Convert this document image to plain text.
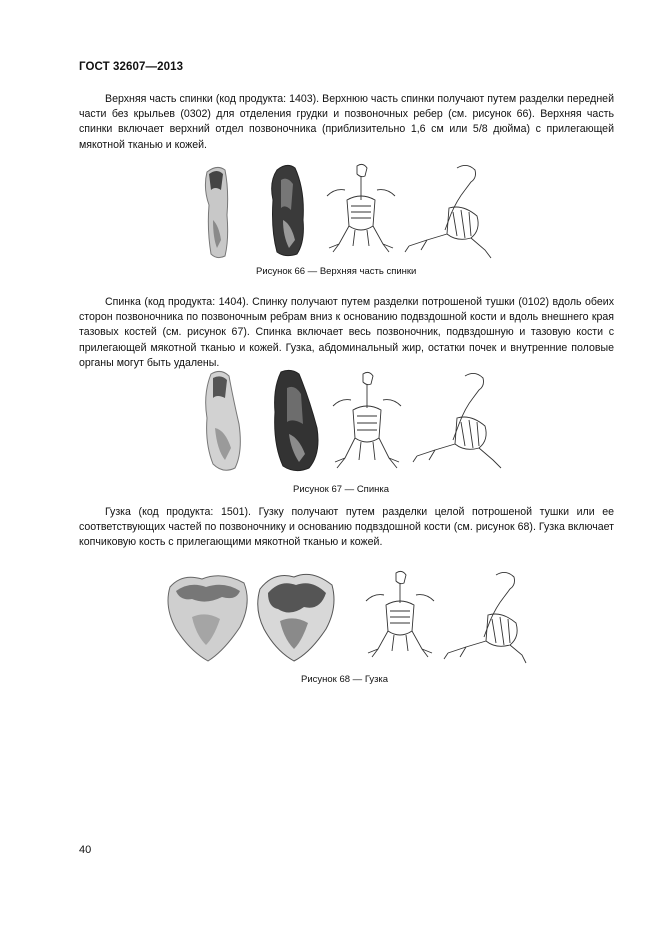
ГОСТ 32607—2013

Верхняя часть спинки (код продукта: 1403). Верхнюю часть спинки получают путем разделки передней части без крыльев (0302) для отделения грудки и позвоночных ребер (см. рисунок 66). Верхняя часть спинки включает верхний отдел позвоночника (приблизительно 1,6 см или 5/8 дюйма) с прилегающей мякотной тканью и кожей.

Рисунок 66 — Верхняя часть спинки

Спинка (код продукта: 1404). Спинку получают путем разделки потрошеной тушки (0102) вдоль обеих сторон позвоночника по позвоночным ребрам вниз к основанию подвздошной кости и вдоль внешнего края тазовых костей (см. рисунок 67). Спинка включает весь позвоночник, подвздошную и тазовую кости с прилегающей мякотной тканью и кожей. Гузка, абдоминальный жир, остатки почек и внутренние половые органы могут быть удалены.

Рисунок 67 — Спинка

Гузка (код продукта: 1501). Гузку получают путем разделки целой потрошеной тушки или ее соответствующих частей по позвоночнику и основанию подвздошной кости (см. рисунок 68). Гузка включает копчиковую кость с прилегающими мякотной тканью и кожей.

Рисунок 68 — Гузка
40
